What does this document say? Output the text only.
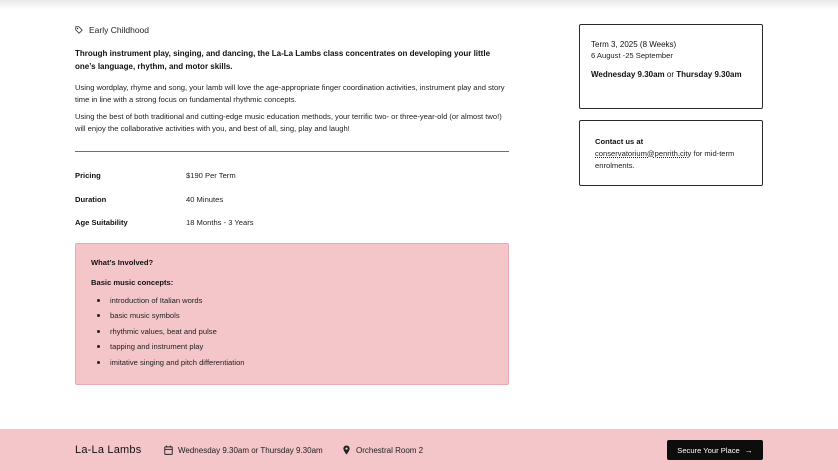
Early Childhood

Through instrument play, singing, and dancing, the La-La Lambs class concentrates on developing your little one’s language, rhythm, and motor skills.

Using wordplay, rhyme and song, your lamb will love the age-appropriate finger coordination activities, instrument play and story time in line with a strong focus on fundamental rhythmic concepts.

Using the best of both traditional and cutting-edge music education methods, your terrific two- or three-year-old (or almost two!) will enjoy the collaborative activities with you, and best of all, sing, play and laugh!

Pricing	$190 Per Term
Duration	40 Minutes
Age Suitability	18 Months - 3 Years
What’s Involved?
Basic music concepts:
introduction of Italian words
basic music symbols
rhythmic values, beat and pulse
tapping and instrument play
imitative singing and pitch differentiation
Term 3, 2025 (8 Weeks)
6 August -25 September
Wednesday 9.30am or Thursday 9.30am
Contact us at
conservatorium@penrith.city for mid-term enrolments.
La-La Lambs	Wednesday 9.30am or Thursday 9.30am	Orchestral Room 2	Secure Your Place →
